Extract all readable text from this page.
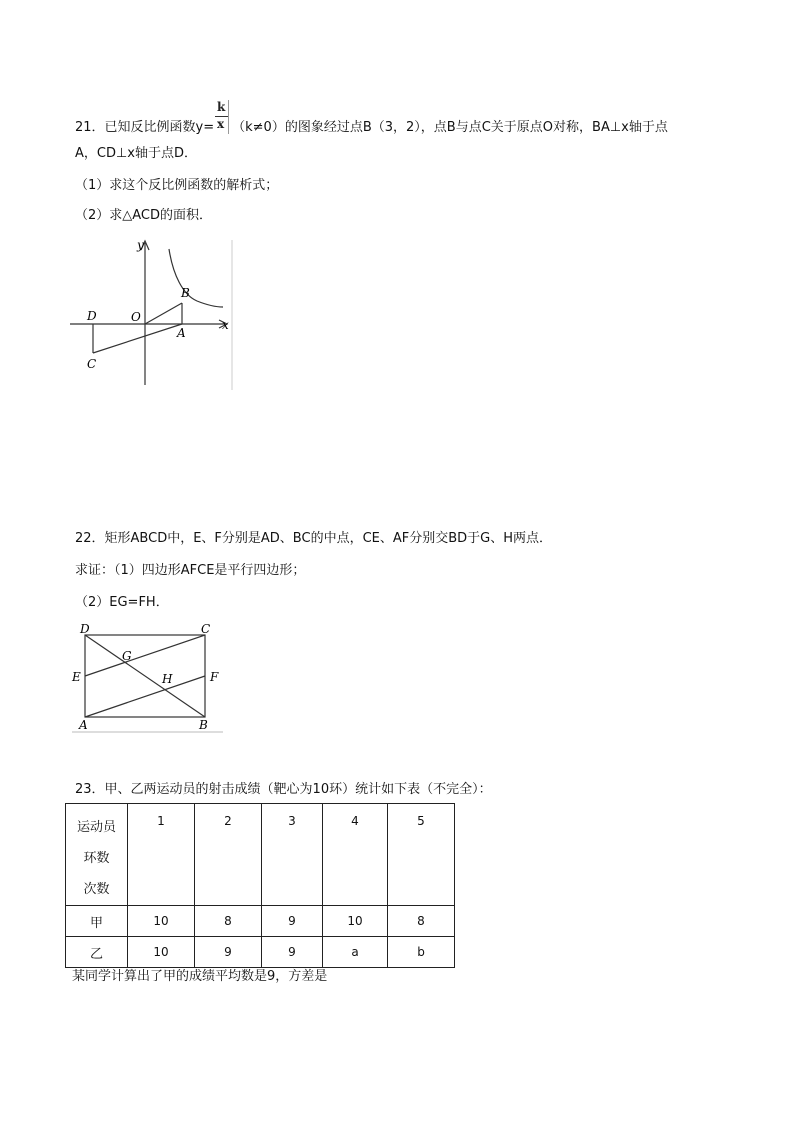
21．已知反比例函数y= （k≠0）的图象经过点B（3，2），点B与点C关于原点O对称，BA⊥x轴于点
k
x
A，CD⊥x轴于点D．
（1）求这个反比例函数的解析式；
（2）求△ACD的面积．
x
y
O
B
A
D
C
22．矩形ABCD中，E、F分别是AD、BC的中点，CE、AF分别交BD于G、H两点．
求证：（1）四边形AFCE是平行四边形；
（2）EG=FH．
D	C
E	F
G
H
A	B
23．甲、乙两运动员的射击成绩（靶心为10环）统计如下表（不完全）：
运动员
环数
次数	1	2	3	4	5

甲	10	8	9	10	8
乙	10	9	9	a	b
某同学计算出了甲的成绩平均数是9，方差是
